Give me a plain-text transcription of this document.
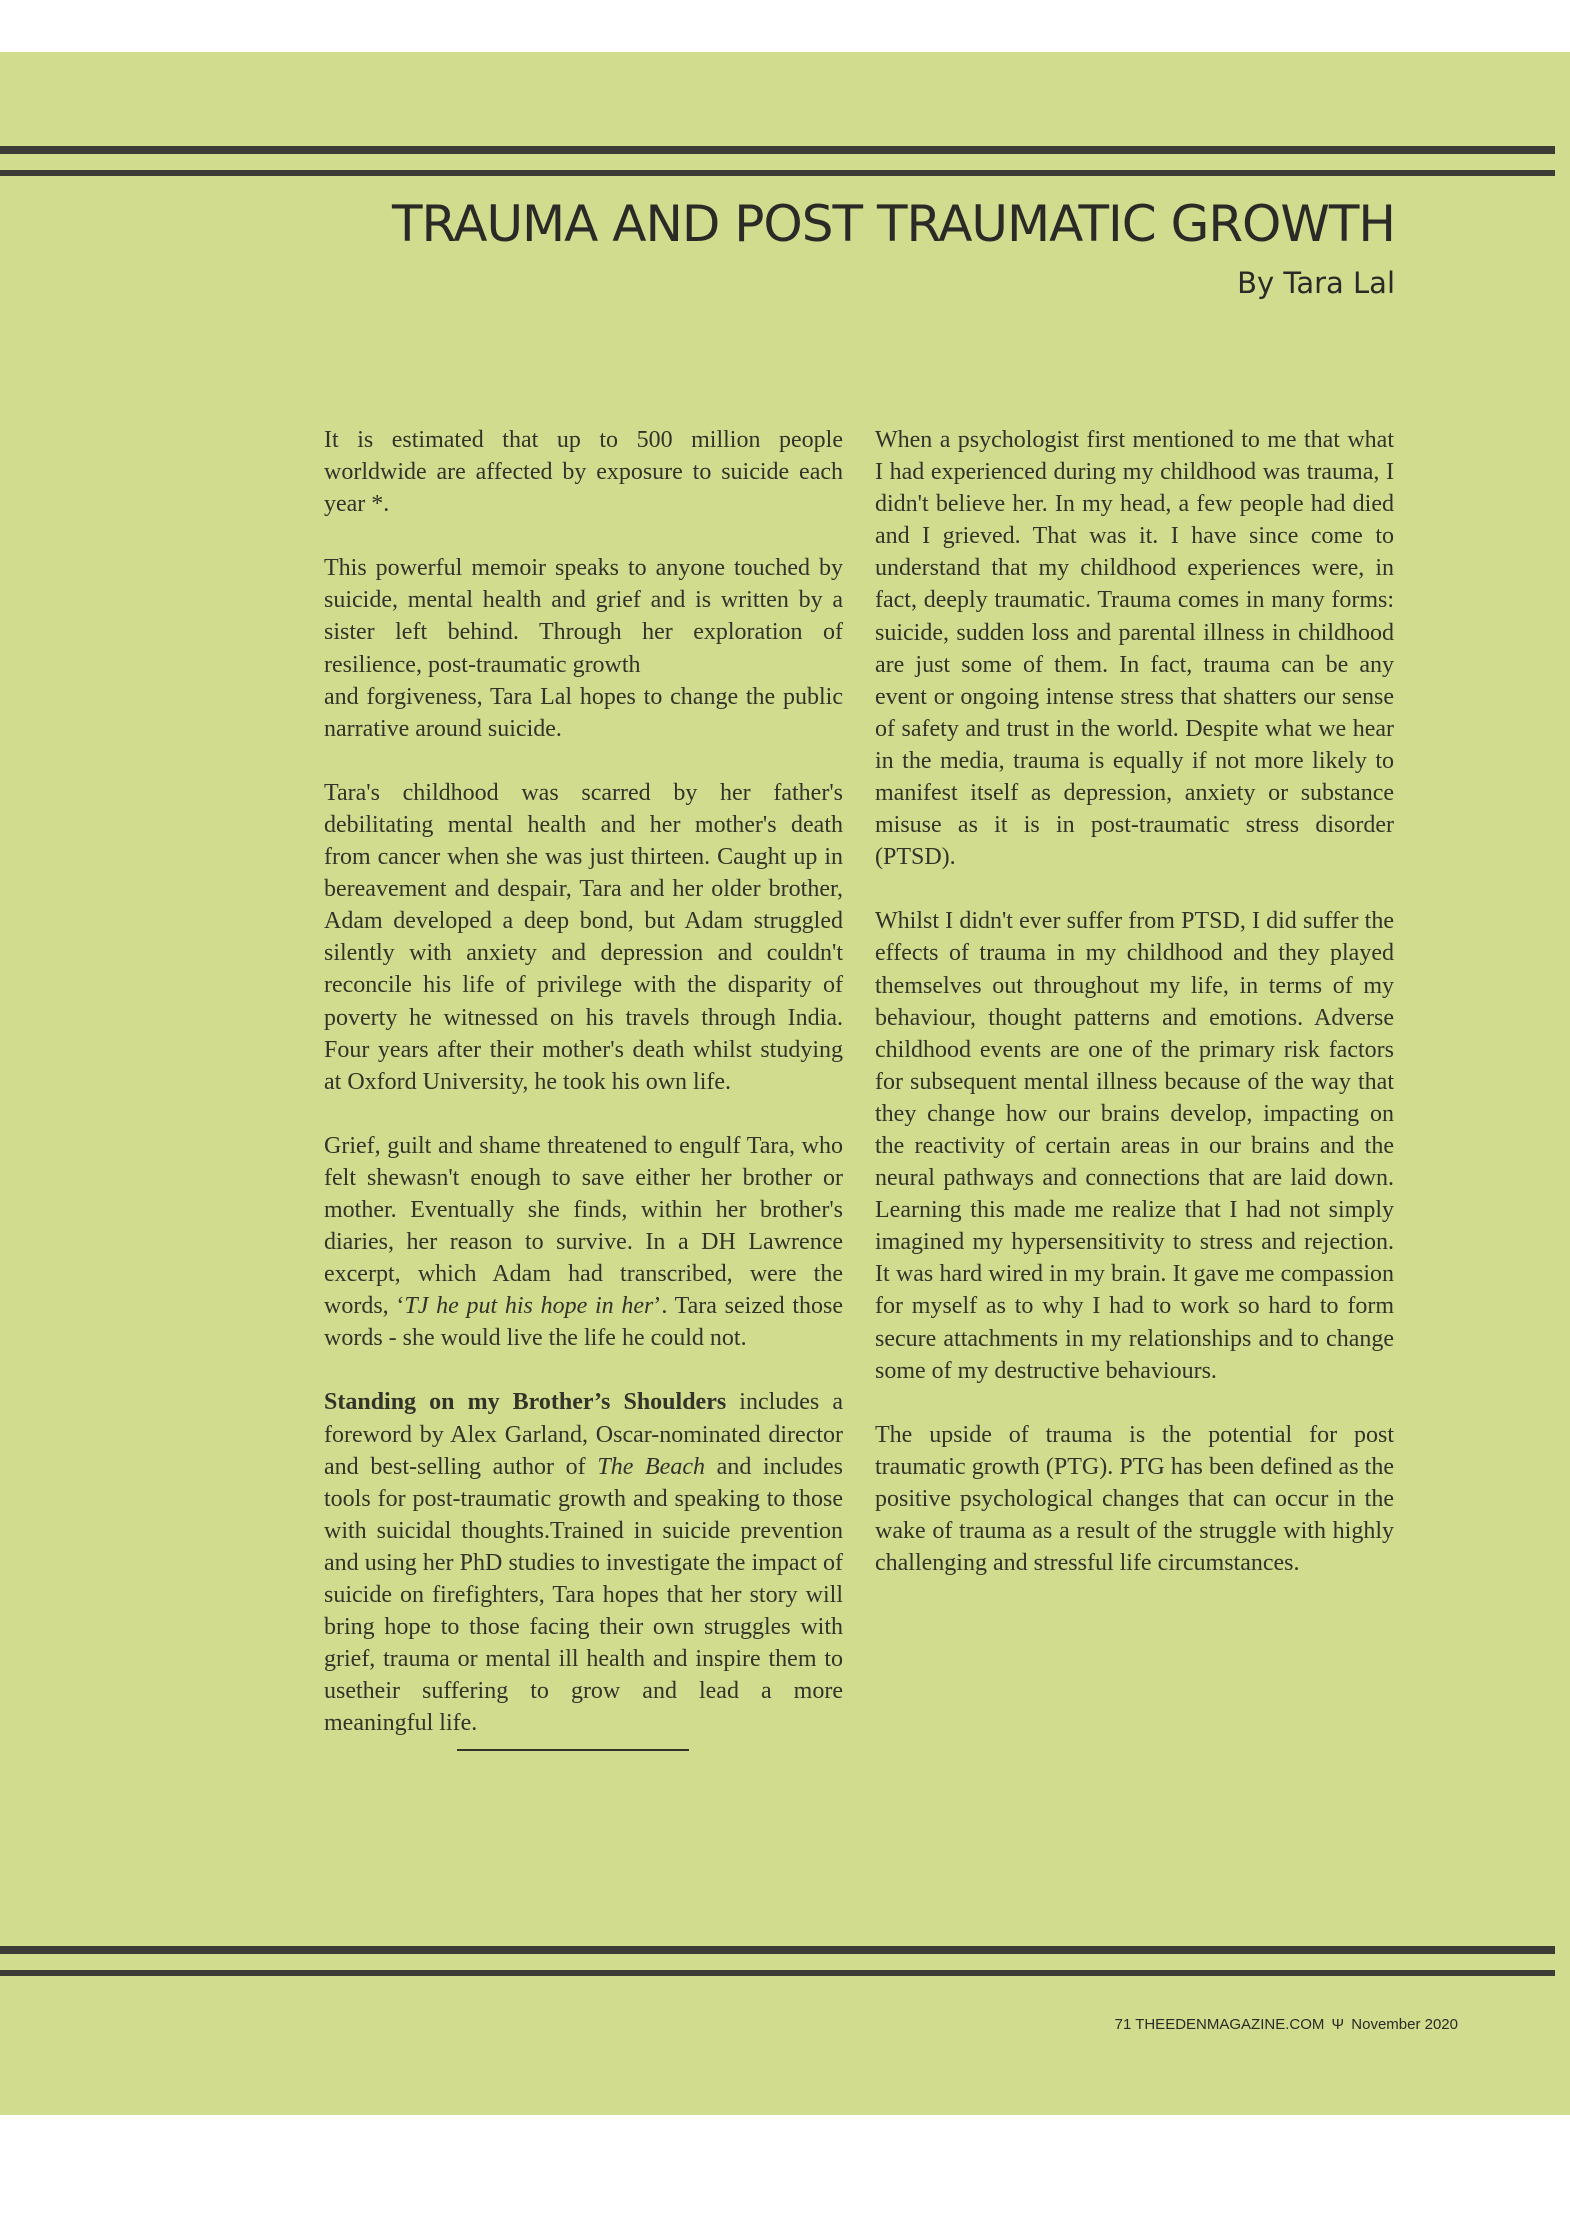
TRAUMA AND POST TRAUMATIC GROWTH
By Tara Lal

It is estimated that up to 500 million people worldwide are affected by exposure to suicide each year *.

This powerful memoir speaks to anyone touched by suicide, mental health and grief and is written by a sister left behind. Through her exploration of resilience, post-traumatic growth
and forgiveness, Tara Lal hopes to change the public narrative around suicide.

Tara's childhood was scarred by her father's debilitating mental health and her mother's death from cancer when she was just thirteen. Caught up in bereavement and despair, Tara and her older brother, Adam developed a deep bond, but Adam struggled silently with anxiety and depression and couldn't reconcile his life of privilege with the disparity of poverty he witnessed on his travels through India. Four years after their mother's death whilst studying at Oxford University, he took his own life.

Grief, guilt and shame threatened to engulf Tara, who felt shewasn't enough to save either her brother or mother. Eventually she finds, within her brother's diaries, her reason to survive. In a DH Lawrence excerpt, which Adam had transcribed, were the words, ‘TJ he put his hope in her’. Tara seized those words - she would live the life he could not.

Standing on my Brother’s Shoulders includes a foreword by Alex Garland, Oscar-nominated director and best-selling author of The Beach and includes tools for post-traumatic growth and speaking to those with suicidal thoughts.Trained in suicide prevention and using her PhD studies to investigate the impact of suicide on firefighters, Tara hopes that her story will bring hope to those facing their own struggles with grief, trauma or mental ill health and inspire them to usetheir suffering to grow and lead a more meaningful life.

When a psychologist first mentioned to me that what I had experienced during my childhood was trauma, I didn't believe her. In my head, a few people had died and I grieved. That was it. I have since come to understand that my childhood experiences were, in fact, deeply traumatic. Trauma comes in many forms: suicide, sudden loss and parental illness in childhood are just some of them. In fact, trauma can be any event or ongoing intense stress that shatters our sense of safety and trust in the world. Despite what we hear in the media, trauma is equally if not more likely to manifest itself as depression, anxiety or substance misuse as it is in post-traumatic stress disorder (PTSD).

Whilst I didn't ever suffer from PTSD, I did suffer the effects of trauma in my childhood and they played themselves out throughout my life, in terms of my behaviour, thought patterns and emotions. Adverse childhood events are one of the primary risk factors for subsequent mental illness because of the way that they change how our brains develop, impacting on the reactivity of certain areas in our brains and the neural pathways and connections that are laid down. Learning this made me realize that I had not simply imagined my hypersensitivity to stress and rejection. It was hard wired in my brain. It gave me compassion for myself as to why I had to work so hard to form secure attachments in my relationships and to change some of my destructive behaviours.

The upside of trauma is the potential for post traumatic growth (PTG). PTG has been defined as the positive psychological changes that can occur in the wake of trauma as a result of the struggle with highly challenging and stressful life circumstances.

71 THEEDENMAGAZINE.COM Ψ November 2020
